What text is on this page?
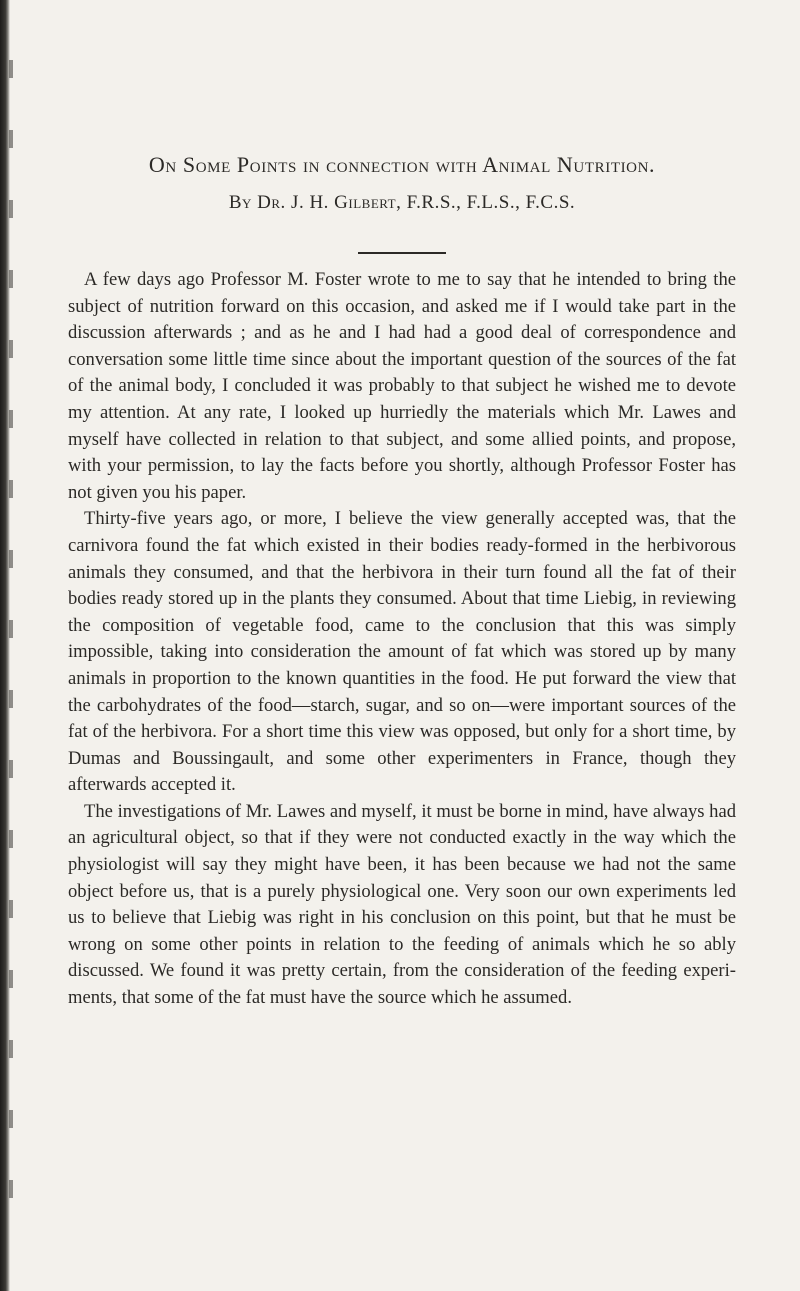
On Some Points in connection with Animal Nutrition.
By Dr. J. H. Gilbert, F.R.S., F.L.S., F.C.S.

A few days ago Professor M. Foster wrote to me to say that he intended to bring the subject of nutrition forward on this occasion, and asked me if I would take part in the discussion afterwards ; and as he and I had had a good deal of correspondence and conversation some little time since about the important question of the sources of the fat of the animal body, I concluded it was probably to that subject he wished me to devote my attention. At any rate, I looked up hurriedly the materials which Mr. Lawes and myself have collected in relation to that subject, and some allied points, and propose, with your permission, to lay the facts before you shortly, although Professor Foster has not given you his paper.

Thirty-five years ago, or more, I believe the view generally accepted was, that the carnivora found the fat which existed in their bodies ready-formed in the herbivorous animals they consumed, and that the herbivora in their turn found all the fat of their bodies ready stored up in the plants they consumed. About that time Liebig, in reviewing the composition of vegetable food, came to the conclusion that this was simply impossible, taking into consideration the amount of fat which was stored up by many animals in proportion to the known quantities in the food. He put forward the view that the carbohydrates of the food—starch, sugar, and so on—were important sources of the fat of the herbivora. For a short time this view was opposed, but only for a short time, by Dumas and Boussingault, and some other experimenters in France, though they afterwards accepted it.

The investigations of Mr. Lawes and myself, it must be borne in mind, have always had an agricultural object, so that if they were not conducted exactly in the way which the physiologist will say they might have been, it has been because we had not the same object before us, that is a purely physiological one. Very soon our own experiments led us to believe that Liebig was right in his conclusion on this point, but that he must be wrong on some other points in relation to the feeding of animals which he so ably discussed. We found it was pretty certain, from the consideration of the feeding experiments, that some of the fat must have the source which he assumed.
